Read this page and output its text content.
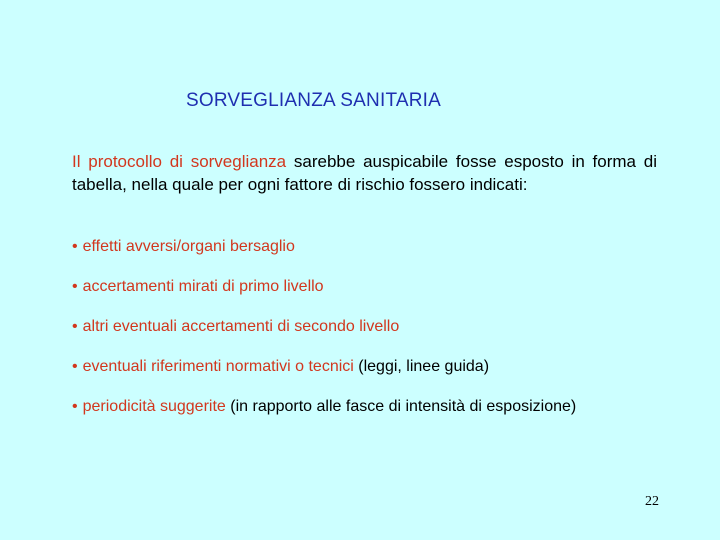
SORVEGLIANZA SANITARIA
Il protocollo di sorveglianza sarebbe auspicabile fosse esposto in forma di tabella, nella quale per ogni fattore di rischio fossero indicati:
• effetti avversi/organi bersaglio
• accertamenti mirati di primo livello
• altri eventuali accertamenti di secondo livello
• eventuali riferimenti normativi o tecnici (leggi, linee guida)
• periodicità suggerite (in rapporto alle fasce di intensità di esposizione)
22
